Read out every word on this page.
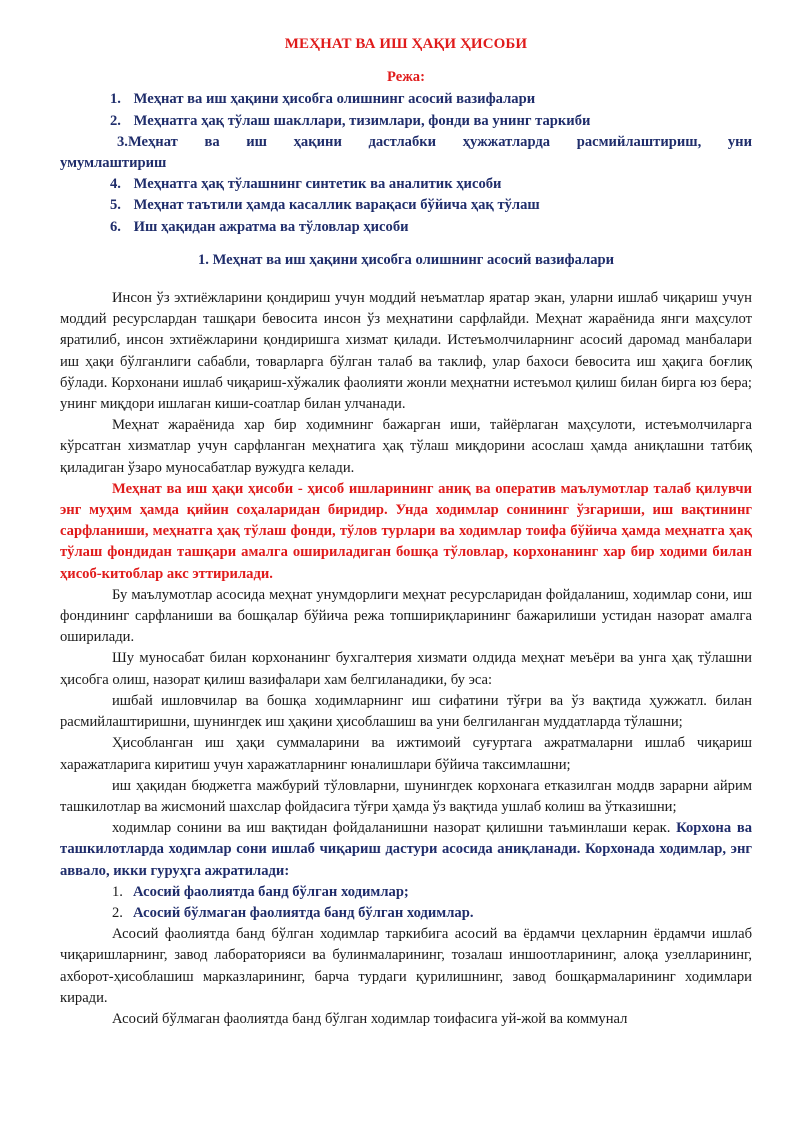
МЕҲНАТ ВА ИШ ҲАҚИ ҲИСОБИ
Режа:
1. Меҳнат ва иш ҳақини ҳисобга олишнинг асосий вазифалари
2. Меҳнатга ҳақ тўлаш шакллари, тизимлари, фонди ва унинг таркиби
3.Меҳнат ва иш ҳақини дастлабки ҳужжатларда расмийлаштириш, уни
умумлаштириш
4. Меҳнатга ҳақ тўлашнинг синтетик ва аналитик ҳисоби
5. Меҳнат таътили ҳамда касаллик варақаси бўйича ҳақ тўлаш
6. Иш ҳақидан ажратма ва тўловлар ҳисоби
1. Меҳнат ва иш ҳақини ҳисобга олишнинг асосий вазифалари

Инсон ўз эхтиёжларини қондириш учун моддий неъматлар яратар экан, уларни ишлаб чиқариш учун моддий ресурслардан ташқари бевосита инсон ўз меҳнатини сарфлайди. Меҳнат жараёнида янги маҳсулот яратилиб, инсон эхтиёжларини қондиришга хизмат қилади. Истеъмолчиларнинг асосий даромад манбалари иш ҳақи бўлганлиги сабабли, товарларга бўлган талаб ва таклиф, улар бахоси бевосита иш ҳақига боғлиқ бўлади. Корхонани ишлаб чиқариш-хўжалик фаолияти жонли меҳнатни истеъмол қилиш билан бирга юз бера; унинг миқдори ишлаган киши-соатлар билан улчанади.

Меҳнат жараёнида хар бир ходимнинг бажарган иши, тайёрлаган маҳсулоти, истеъмолчиларга кўрсатган хизматлар учун сарфланган меҳнатига ҳақ тўлаш миқдорини асослаш ҳамда аниқлашни татбиқ қиладиган ўзаро муносабатлар вужудга келади.

Меҳнат ва иш ҳақи ҳисоби - ҳисоб ишларининг аниқ ва оператив маълумотлар талаб қилувчи энг муҳим ҳамда қийин соҳаларидан биридир. Унда ходимлар сонининг ўзгариши, иш вақтининг сарфланиши, меҳнатга ҳақ тўлаш фонди, тўлов турлари ва ходимлар тоифа бўйича ҳамда меҳнатга ҳақ тўлаш фондидан ташқари амалга ошириладиган бошқа тўловлар, корхонанинг хар бир ходими билан ҳисоб-китоблар акс эттирилади.

Бу маълумотлар асосида меҳнат унумдорлиги меҳнат ресурсларидан фойдаланиш, ходимлар сони, иш фондининг сарфланиши ва бошқалар бўйича режа топшириқларининг бажарилиши устидан назорат амалга оширилади.

Шу муносабат билан корхонанинг бухгалтерия хизмати олдида меҳнат меъёри ва унга ҳақ тўлашни ҳисобга олиш, назорат қилиш вазифалари хам белгиланадики, бу эса:

ишбай ишловчилар ва бошқа ходимларнинг иш сифатини тўғри ва ўз вақтида ҳужжатл. билан расмийлаштиришни, шунингдек иш ҳақини ҳисоблашиш ва уни белгиланган муддатларда тўлашни;

Ҳисобланган иш ҳақи суммаларини ва ижтимоий суғуртага ажратмаларни ишлаб чиқариш харажатларига киритиш учун харажатларнинг юналишлари бўйича таксимлашни;

иш ҳақидан бюджетга мажбурий тўловларни, шунингдек корхонага етказилган моддв зарарни айрим ташкилотлар ва жисмоний шахслар фойдасига тўғри ҳамда ўз вақтида ушлаб колиш ва ўтказишни;

ходимлар сонини ва иш вақтидан фойдаланишни назорат қилишни таъминлаши керак. Корхона ва ташкилотларда ходимлар сони ишлаб чиқариш дастури асосида аниқланади. Корхонада ходимлар, энг аввало, икки гуруҳга ажратилади:

1. Асосий фаолиятда банд бўлган ходимлар;
2. Асосий бўлмаган фаолиятда банд бўлган ходимлар.

Асосий фаолиятда банд бўлган ходимлар таркибига асосий ва ёрдамчи цехларнин ёрдамчи ишлаб чиқаришларнинг, завод лабораторияси ва булинмаларининг, тозалаш иншоотларининг, алоқа узелларининг, ахборот-ҳисоблашиш марказларининг, барча турдаги қурилишнинг, завод бошқармаларининг ходимлари киради.

Асосий бўлмаган фаолиятда банд бўлган ходимлар тоифасига уй-жой ва коммунал
